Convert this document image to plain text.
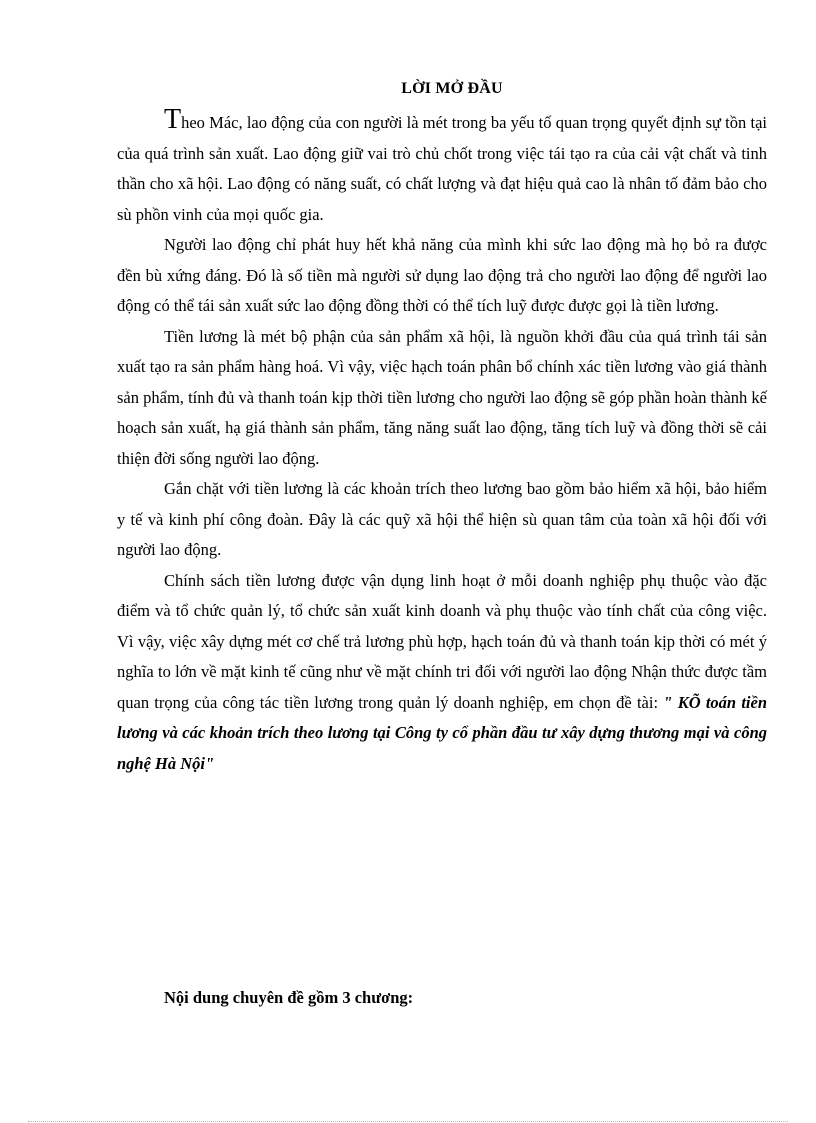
LỜI MỞ ĐẦU

Theo Mác, lao động của con người là mét trong ba yếu tố quan trọng quyết định sự tồn tại của quá trình sản xuất. Lao động giữ vai trò chủ chốt trong việc tái tạo ra của cải vật chất và tinh thần cho xã hội. Lao động có năng suất, có chất lượng và đạt hiệu quả cao là nhân tố đảm bảo cho sù phồn vinh của mọi quốc gia.

Người lao động chỉ phát huy hết khả năng của mình khi sức lao động mà họ bỏ ra được đền bù xứng đáng. Đó là số tiền mà người sử dụng lao động trả cho người lao động để người lao động có thể tái sản xuất sức lao động đồng thời có thể tích luỹ được được gọi là tiền lương.

Tiền lương là mét bộ phận của sản phẩm xã hội, là nguồn khởi đầu của quá trình tái sản xuất tạo ra sản phẩm hàng hoá. Vì vậy, việc hạch toán phân bổ chính xác tiền lương vào giá thành sản phẩm, tính đủ và thanh toán kịp thời tiền lương cho người lao động sẽ góp phần hoàn thành kế hoạch sản xuất, hạ giá thành sản phẩm, tăng năng suất lao động, tăng tích luỹ và đồng thời sẽ cải thiện đời sống người lao động.

Gắn chặt với tiền lương là các khoản trích theo lương bao gồm bảo hiểm xã hội, bảo hiểm y tế và kinh phí công đoàn. Đây là các quỹ xã hội thể hiện sù quan tâm của toàn xã hội đối với người lao động.

Chính sách tiền lương được vận dụng linh hoạt ở mỗi doanh nghiệp phụ thuộc vào đặc điểm và tổ chức quản lý, tổ chức sản xuất kinh doanh và phụ thuộc vào tính chất của công việc. Vì vậy, việc xây dựng mét cơ chế trả lương phù hợp, hạch toán đủ và thanh toán kịp thời có mét ý nghĩa to lớn về mặt kinh tế cũng như về mặt chính tri đối với người lao động Nhận thức được tầm quan trọng của công tác tiền lương trong quản lý doanh nghiệp, em chọn đề tài: " KÕ toán tiền lương và các khoản trích theo lương tại Công ty cổ phần đầu tư xây dựng thương mại và công nghệ Hà Nội"

Nội dung chuyên đề gồm 3 chương:
